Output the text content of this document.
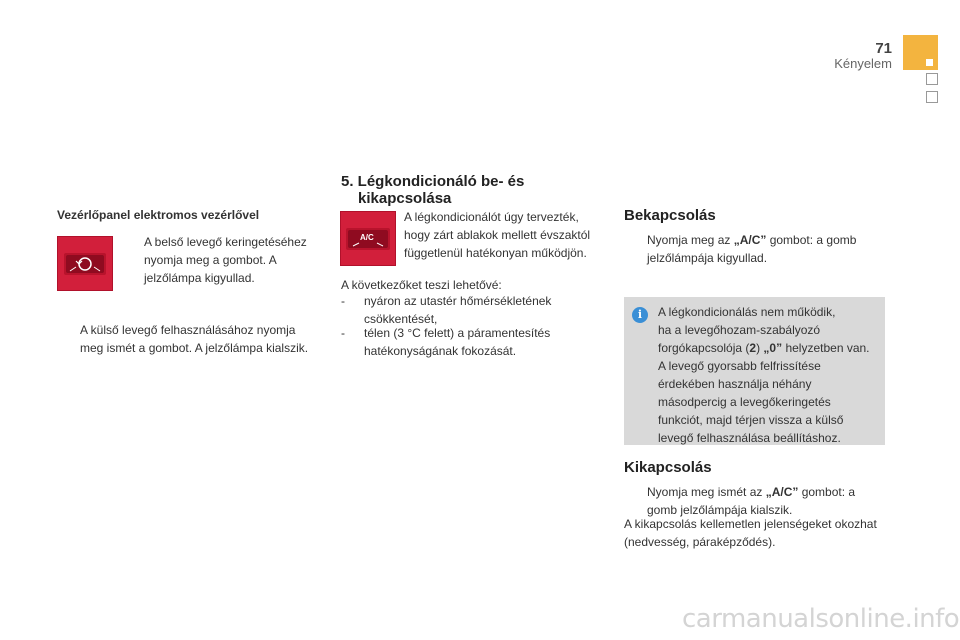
71
Kényelem
Vezérlőpanel elektromos vezérlővel
A belső levegő keringetéséhez
nyomja meg a gombot. A
jelzőlámpa kigyullad.
A külső levegő felhasználásához nyomja
meg ismét a gombot. A jelzőlámpa kialszik.
5. Légkondicionáló be- és
kikapcsolása
A/C
A légkondicionálót úgy tervezték,
hogy zárt ablakok mellett évszaktól
függetlenül hatékonyan működjön.
A következőket teszi lehetővé:
- nyáron az utastér hőmérsékletének
csökkentését,
- télen (3 °C felett) a páramentesítés
hatékonyságának fokozását.
Bekapcsolás
Nyomja meg az „A/C” gombot: a gomb
jelzőlámpája kigyullad.
i	A légkondicionálás nem működik,
ha a levegőhozam-szabályozó
forgókapcsolója (2) „0” helyzetben van.
A levegő gyorsabb felfrissítése
érdekében használja néhány
másodpercig a levegőkeringetés
funkciót, majd térjen vissza a külső
levegő felhasználása beállításhoz.
Kikapcsolás
Nyomja meg ismét az „A/C” gombot: a
gomb jelzőlámpája kialszik.
A kikapcsolás kellemetlen jelenségeket okozhat
(nedvesség, páraképződés).
carmanualsonline.info
